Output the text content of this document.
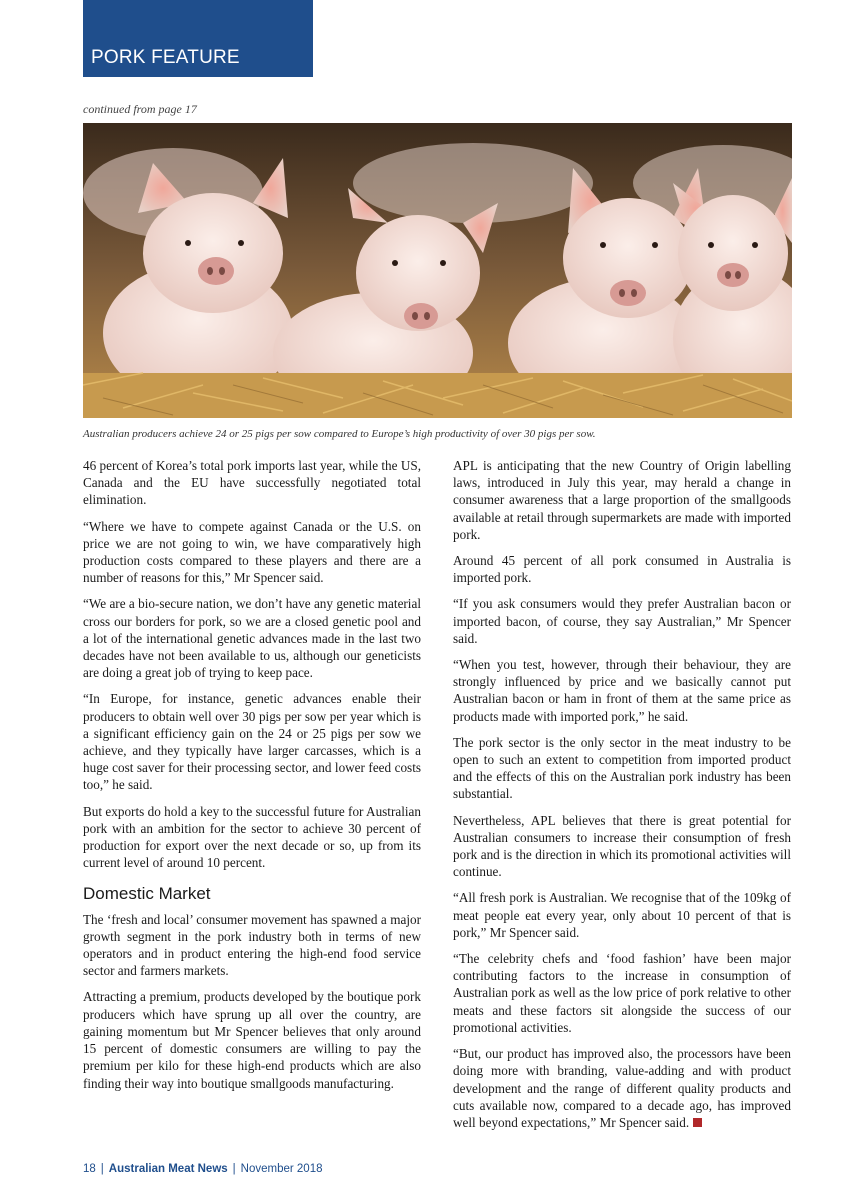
PORK FEATURE
continued from page 17
Australian producers achieve 24 or 25 pigs per sow compared to Europe’s high productivity of over 30 pigs per sow.

46 percent of Korea’s total pork imports last year, while the US, Canada and the EU have successfully negotiated total elimination.

“Where we have to compete against Canada or the U.S. on price we are not going to win, we have comparatively high production costs compared to these players and there are a number of reasons for this,” Mr Spencer said.

“We are a bio-secure nation, we don’t have any genetic material cross our borders for pork, so we are a closed genetic pool and a lot of the international genetic advances made in the last two decades have not been available to us, although our geneticists are doing a great job of trying to keep pace.

“In Europe, for instance, genetic advances enable their producers to obtain well over 30 pigs per sow per year which is a significant efficiency gain on the 24 or 25 pigs per sow we achieve, and they typically have larger carcasses, which is a huge cost saver for their processing sector, and lower feed costs too,” he said.

But exports do hold a key to the successful future for Australian pork with an ambition for the sector to achieve 30 percent of production for export over the next decade or so, up from its current level of around 10 percent.

Domestic Market

The ‘fresh and local’ consumer movement has spawned a major growth segment in the pork industry both in terms of new operators and in product entering the high-end food service sector and farmers markets.

Attracting a premium, products developed by the boutique pork producers which have sprung up all over the country, are gaining momentum but Mr Spencer believes that only around 15 percent of domestic consumers are willing to pay the premium per kilo for these high-end products which are also finding their way into boutique smallgoods manufacturing.

APL is anticipating that the new Country of Origin labelling laws, introduced in July this year, may herald a change in consumer awareness that a large proportion of the smallgoods available at retail through supermarkets are made with imported pork.

Around 45 percent of all pork consumed in Australia is imported pork.

“If you ask consumers would they prefer Australian bacon or imported bacon, of course, they say Australian,” Mr Spencer said.

“When you test, however, through their behaviour, they are strongly influenced by price and we basically cannot put Australian bacon or ham in front of them at the same price as products made with imported pork,” he said.

The pork sector is the only sector in the meat industry to be open to such an extent to competition from imported product and the effects of this on the Australian pork industry has been substantial.

Nevertheless, APL believes that there is great potential for Australian consumers to increase their consumption of fresh pork and is the direction in which its promotional activities will continue.

“All fresh pork is Australian. We recognise that of the 109kg of meat people eat every year, only about 10 percent of that is pork,” Mr Spencer said.

“The celebrity chefs and ‘food fashion’ have been major contributing factors to the increase in consumption of Australian pork as well as the low price of pork relative to other meats and these factors sit alongside the success of our promotional activities.

“But, our product has improved also, the processors have been doing more with branding, value-adding and with product development and the range of different quality products and cuts available now, compared to a decade ago, has improved well beyond expectations,” Mr Spencer said.

18 | Australian Meat News | November 2018
